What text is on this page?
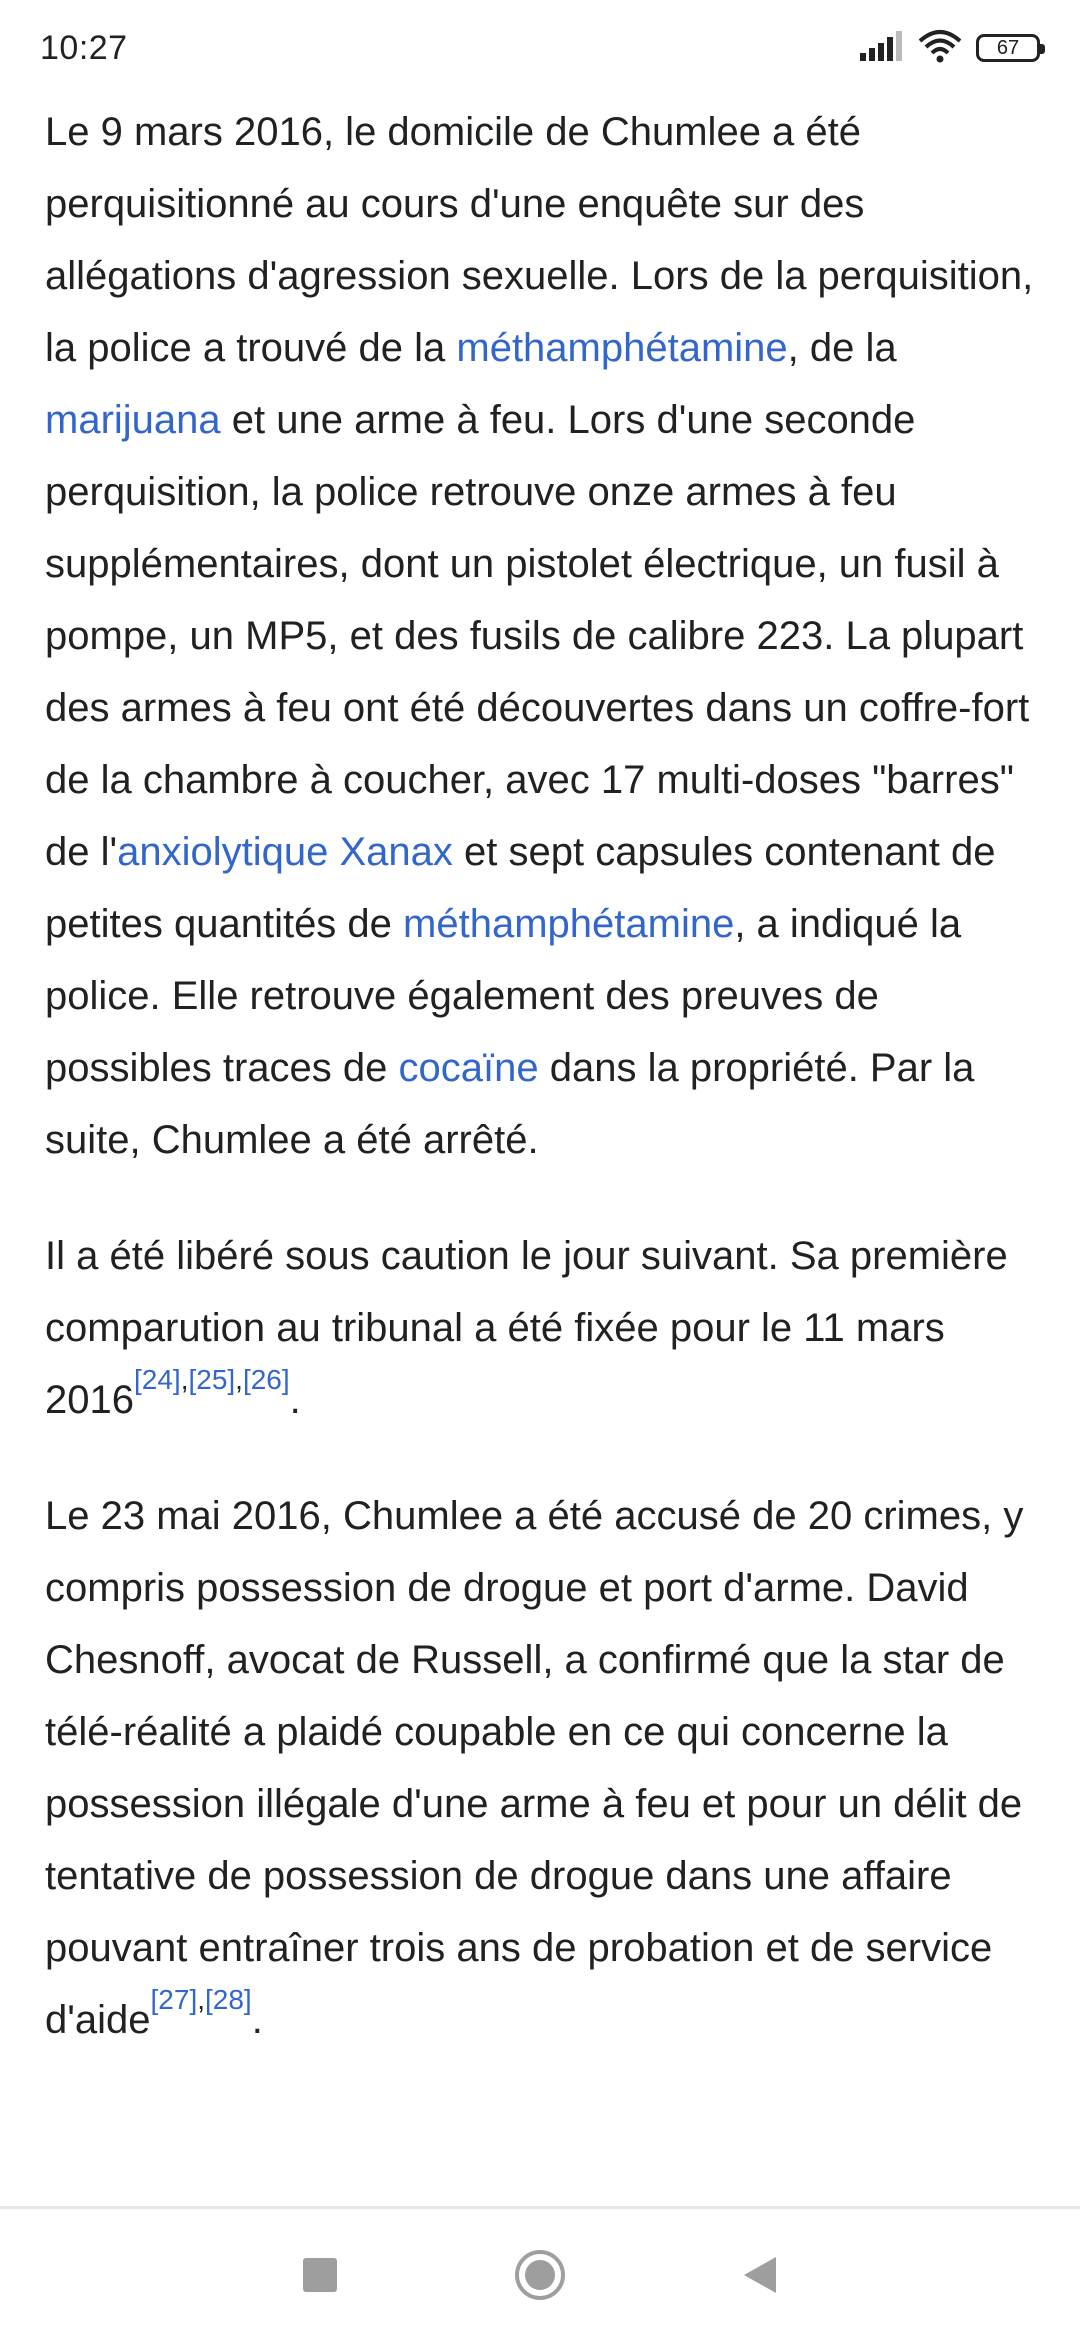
10:27	67

Le 9 mars 2016, le domicile de Chumlee a été perquisitionné au cours d'une enquête sur des allégations d'agression sexuelle. Lors de la perquisition, la police a trouvé de la méthamphétamine, de la marijuana et une arme à feu. Lors d'une seconde perquisition, la police retrouve onze armes à feu supplémentaires, dont un pistolet électrique, un fusil à pompe, un MP5, et des fusils de calibre 223. La plupart des armes à feu ont été découvertes dans un coffre-fort de la chambre à coucher, avec 17 multi-doses "barres" de l'anxiolytique Xanax et sept capsules contenant de petites quantités de méthamphétamine, a indiqué la police. Elle retrouve également des preuves de possibles traces de cocaïne dans la propriété. Par la suite, Chumlee a été arrêté.

Il a été libéré sous caution le jour suivant. Sa première comparution au tribunal a été fixée pour le 11 mars 2016[24],[25],[26].

Le 23 mai 2016, Chumlee a été accusé de 20 crimes, y compris possession de drogue et port d'arme. David Chesnoff, avocat de Russell, a confirmé que la star de télé-réalité a plaidé coupable en ce qui concerne la possession illégale d'une arme à feu et pour un délit de tentative de possession de drogue dans une affaire pouvant entraîner trois ans de probation et de service d'aide[27],[28].
